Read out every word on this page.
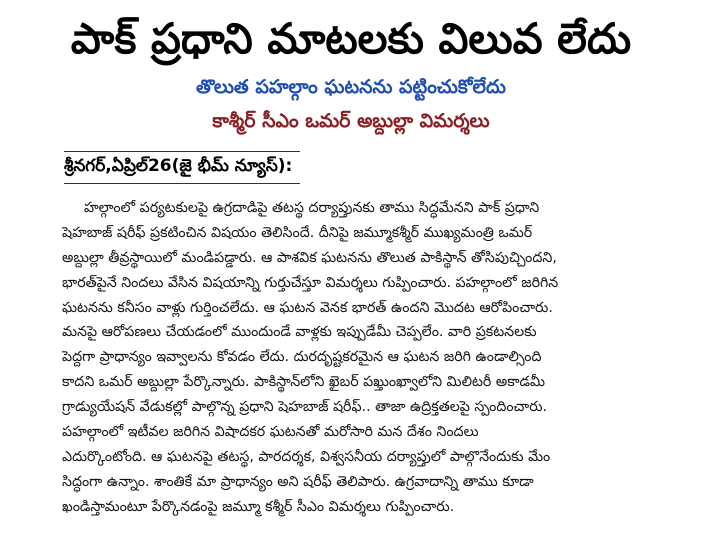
పాక్ ప్రధాని మాటలకు విలువ లేదు
తొలుత పహల్గాం ఘటనను పట్టించుకోలేదు
కాశ్మీర్ సీఎం ఒమర్ అబ్దుల్లా విమర్శలు
శ్రీనగర్,ఏప్రిల్26(జై భీమ్ న్యూస్):
హల్గాంలో పర్యటకులపై ఉగ్రదాడిపై తటస్థ దర్యాప్తునకు తాము సిద్ధమేనని పాక్ ప్రధాని
షెహబాజ్ షరీఫ్ ప్రకటించిన విషయం తెలిసిందే. దీనిపై జమ్మూకశ్మీర్ ముఖ్యమంత్రి ఒమర్
అబ్దుల్లా తీవ్రస్థాయిలో మండిపడ్డారు. ఆ పాశవిక ఘటనను తొలుత పాకిస్థాన్ తోసిపుచ్చిందని,
భారత్‌పైనే నిందలు వేసిన విషయాన్ని గుర్తుచేస్తూ విమర్శలు గుప్పించారు. పహల్గాంలో జరిగిన
ఘటనను కనీసం వాళ్లు గుర్తించలేదు. ఆ ఘటన వెనక భారత్ ఉందని మొదట ఆరోపించారు.
మనపై ఆరోపణలు చేయడంలో ముందుండే వాళ్లకు ఇప్పుడేమీ చెప్పలేం. వారి ప్రకటనలకు
పెద్దగా ప్రాధాన్యం ఇవ్వాలను కోవడం లేదు. దురదృష్టకరమైన ఆ ఘటన జరిగి ఉండాల్సింది
కాదని ఒమర్ అబ్దుల్లా పేర్కొన్నారు. పాకిస్థాన్‌లోని ఖైబర్ పఖ్తుంఖ్వాలోని మిలిటరీ అకాడమీ
గ్రాడ్యుయేషన్ వేడుకల్లో పాల్గొన్న ప్రధాని షెహబాజ్ షరీఫ్.. తాజా ఉద్రిక్తతలపై స్పందించారు.
పహల్గాంలో ఇటీవల జరిగిన విషాదకర ఘటనతో మరోసారి మన దేశం నిందలు
ఎదుర్కొంటోంది. ఆ ఘటనపై తటస్థ, పారదర్శక, విశ్వసనీయ దర్యాప్తులో పాల్గొనేందుకు మేం
సిద్ధంగా ఉన్నాం. శాంతికే మా ప్రాధాన్యం అని షరీఫ్ తెలిపారు. ఉగ్రవాదాన్ని తాము కూడా
ఖండిస్తామంటూ పేర్కొనడంపై జమ్మూ కశ్మీర్ సీఎం విమర్శలు గుప్పించారు.
